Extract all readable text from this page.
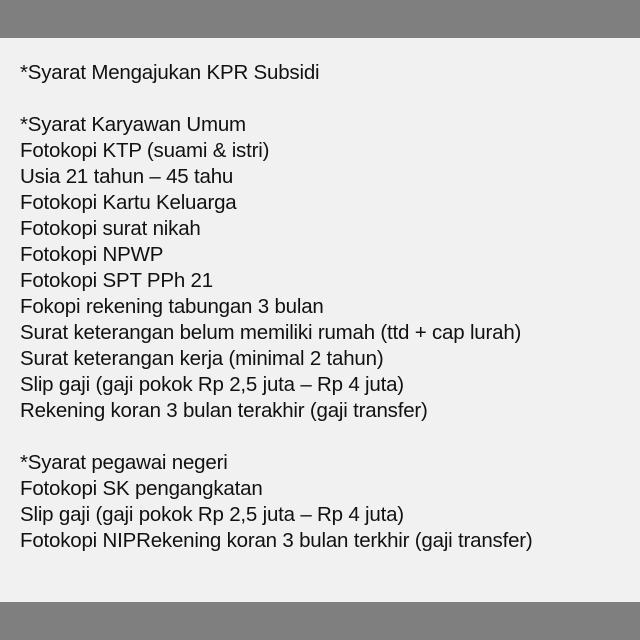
*Syarat Mengajukan KPR Subsidi
*Syarat Karyawan Umum
Fotokopi KTP (suami & istri)
Usia 21 tahun – 45 tahu
Fotokopi Kartu Keluarga
Fotokopi surat nikah
Fotokopi NPWP
Fotokopi SPT PPh 21
Fokopi rekening tabungan 3 bulan
Surat keterangan belum memiliki rumah (ttd + cap lurah)
Surat keterangan kerja (minimal 2 tahun)
Slip gaji (gaji pokok Rp 2,5 juta – Rp 4 juta)
Rekening koran 3 bulan terakhir (gaji transfer)
*Syarat pegawai negeri
Fotokopi SK pengangkatan
Slip gaji (gaji pokok Rp 2,5 juta – Rp 4 juta)
Fotokopi NIPRekening koran 3 bulan terkhir (gaji transfer)
